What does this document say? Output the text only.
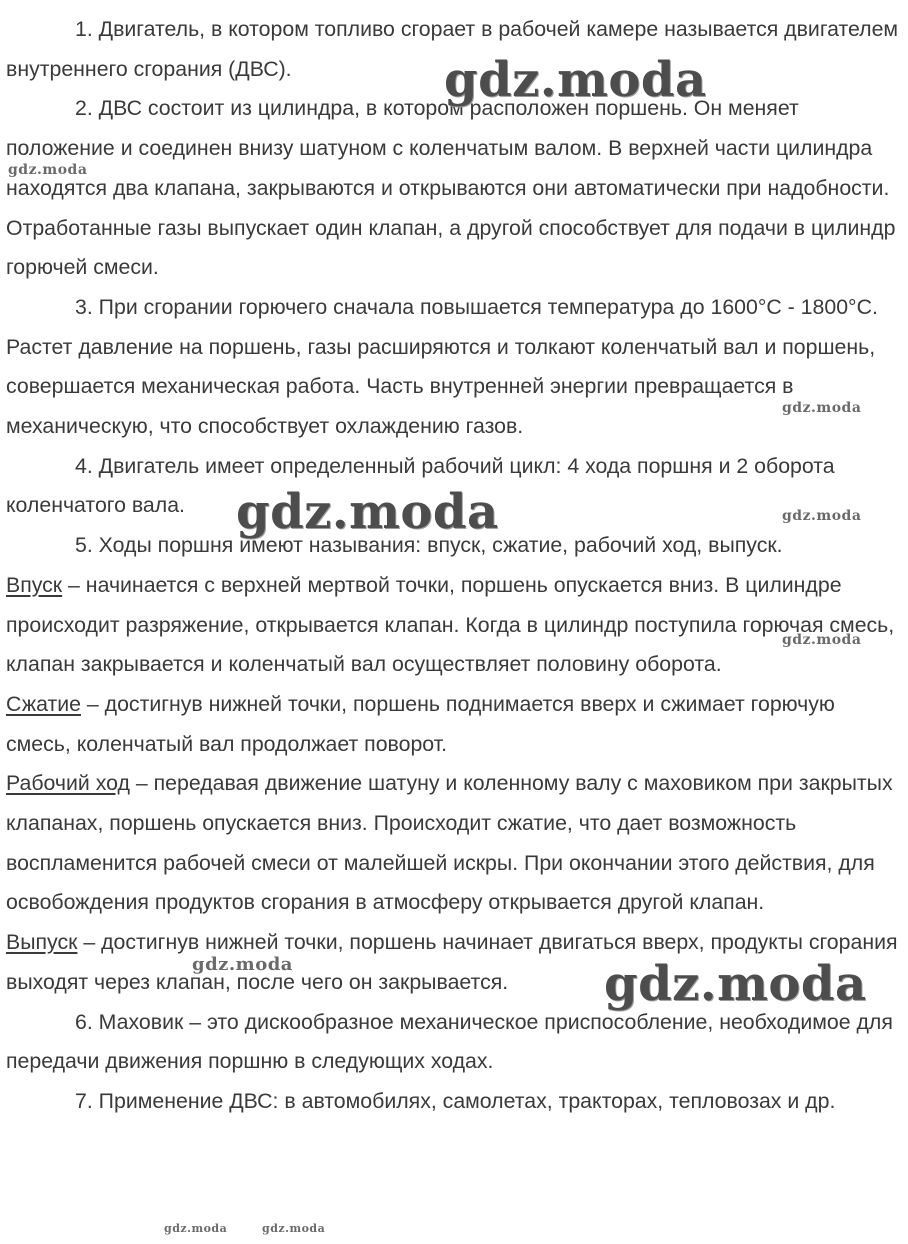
1. Двигатель, в котором топливо сгорает в рабочей камере называется двигателем внутреннего сгорания (ДВС).

2. ДВС состоит из цилиндра, в котором расположен поршень. Он меняет положение и соединен внизу шатуном с коленчатым валом. В верхней части цилиндра находятся два клапана, закрываются и открываются они автоматически при надобности. Отработанные газы выпускает один клапан, а другой способствует для подачи в цилиндр горючей смеси.

3. При сгорании горючего сначала повышается температура до 1600°С - 1800°С. Растет давление на поршень, газы расширяются и толкают коленчатый вал и поршень, совершается механическая работа. Часть внутренней энергии превращается в механическую, что способствует охлаждению газов.

4. Двигатель имеет определенный рабочий цикл: 4 хода поршня и 2 оборота коленчатого вала.

5. Ходы поршня имеют называния: впуск, сжатие, рабочий ход, выпуск.

Впуск – начинается с верхней мертвой точки, поршень опускается вниз. В цилиндре происходит разряжение, открывается клапан. Когда в цилиндр поступила горючая смесь, клапан закрывается и коленчатый вал осуществляет половину оборота.

Сжатие – достигнув нижней точки, поршень поднимается вверх и сжимает горючую смесь, коленчатый вал продолжает поворот.

Рабочий ход – передавая движение шатуну и коленному валу с маховиком при закрытых клапанах, поршень опускается вниз. Происходит сжатие, что дает возможность воспламенится рабочей смеси от малейшей искры. При окончании этого действия, для освобождения продуктов сгорания в атмосферу открывается другой клапан.

Выпуск – достигнув нижней точки, поршень начинает двигаться вверх, продукты сгорания выходят через клапан, после чего он закрывается.

6. Маховик – это дискообразное механическое приспособление, необходимое для передачи движения поршню в следующих ходах.

7. Применение ДВС: в автомобилях, самолетах, тракторах, тепловозах и др.

gdz.moda
gdz.moda
gdz.moda
gdz.moda	gdz.moda
gdz.moda
gdz.moda	gdz.moda
gdz.moda	gdz.moda
